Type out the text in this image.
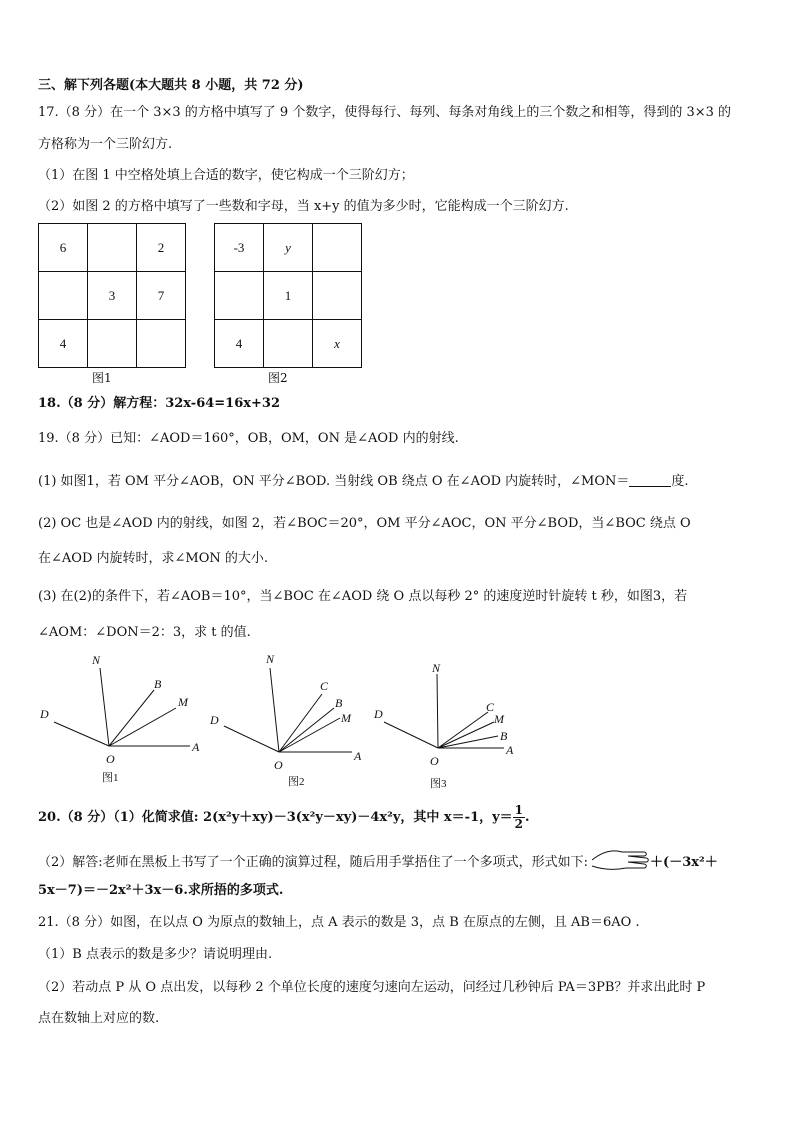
三、解下列各题(本大题共 8 小题，共 72 分)
17.（8 分）在一个 3×3 的方格中填写了 9 个数字，使得每行、每列、每条对角线上的三个数之和相等，得到的 3×3 的
方格称为一个三阶幻方.
（1）在图 1 中空格处填上合适的数字，使它构成一个三阶幻方；
（2）如图 2 的方格中填写了一些数和字母，当 x+y 的值为多少时，它能构成一个三阶幻方.
6		2
	3	7
4		
图1
-3	y	
	1	
4		x
图2
18.（8 分）解方程：32x-64=16x+32
19.（8 分）已知：∠AOD＝160°，OB，OM，ON 是∠AOD 内的射线.
(1) 如图1，若 OM 平分∠AOB，ON 平分∠BOD. 当射线 OB 绕点 O 在∠AOD 内旋转时，∠MON＝	度.
(2) OC 也是∠AOD 内的射线，如图 2，若∠BOC＝20°，OM 平分∠AOC，ON 平分∠BOD，当∠BOC 绕点 O
在∠AOD 内旋转时，求∠MON 的大小.
(3) 在(2)的条件下，若∠AOB＝10°，当∠BOC 在∠AOD 绕 O 点以每秒 2° 的速度逆时针旋转 t 秒，如图3，若
∠AOM：∠DON＝2：3，求 t 的值.
N
B
M
D
O
A
图1
N
C
B
M
D
O
A
图2
N
C
M
B
D
O
A
图3
20.（8 分）（1）化简求值: 2(x²y＋xy)－3(x²y－xy)－4x²y，其中 x＝-1，$y= \frac{1}{2}$ .
（2）解答:老师在黑板上书写了一个正确的演算过程，随后用手掌捂住了一个多项式，形式如下:	＋(－3x²＋
5x－7)＝－2x²＋3x－6.求所捂的多项式.
21.（8 分）如图，在以点 O 为原点的数轴上，点 A 表示的数是 3，点 B 在原点的左侧，且 AB＝6AO .
（1）B 点表示的数是多少？请说明理由.
（2）若动点 P 从 O 点出发，以每秒 2 个单位长度的速度匀速向左运动，问经过几秒钟后 PA＝3PB？并求出此时 P
点在数轴上对应的数.
